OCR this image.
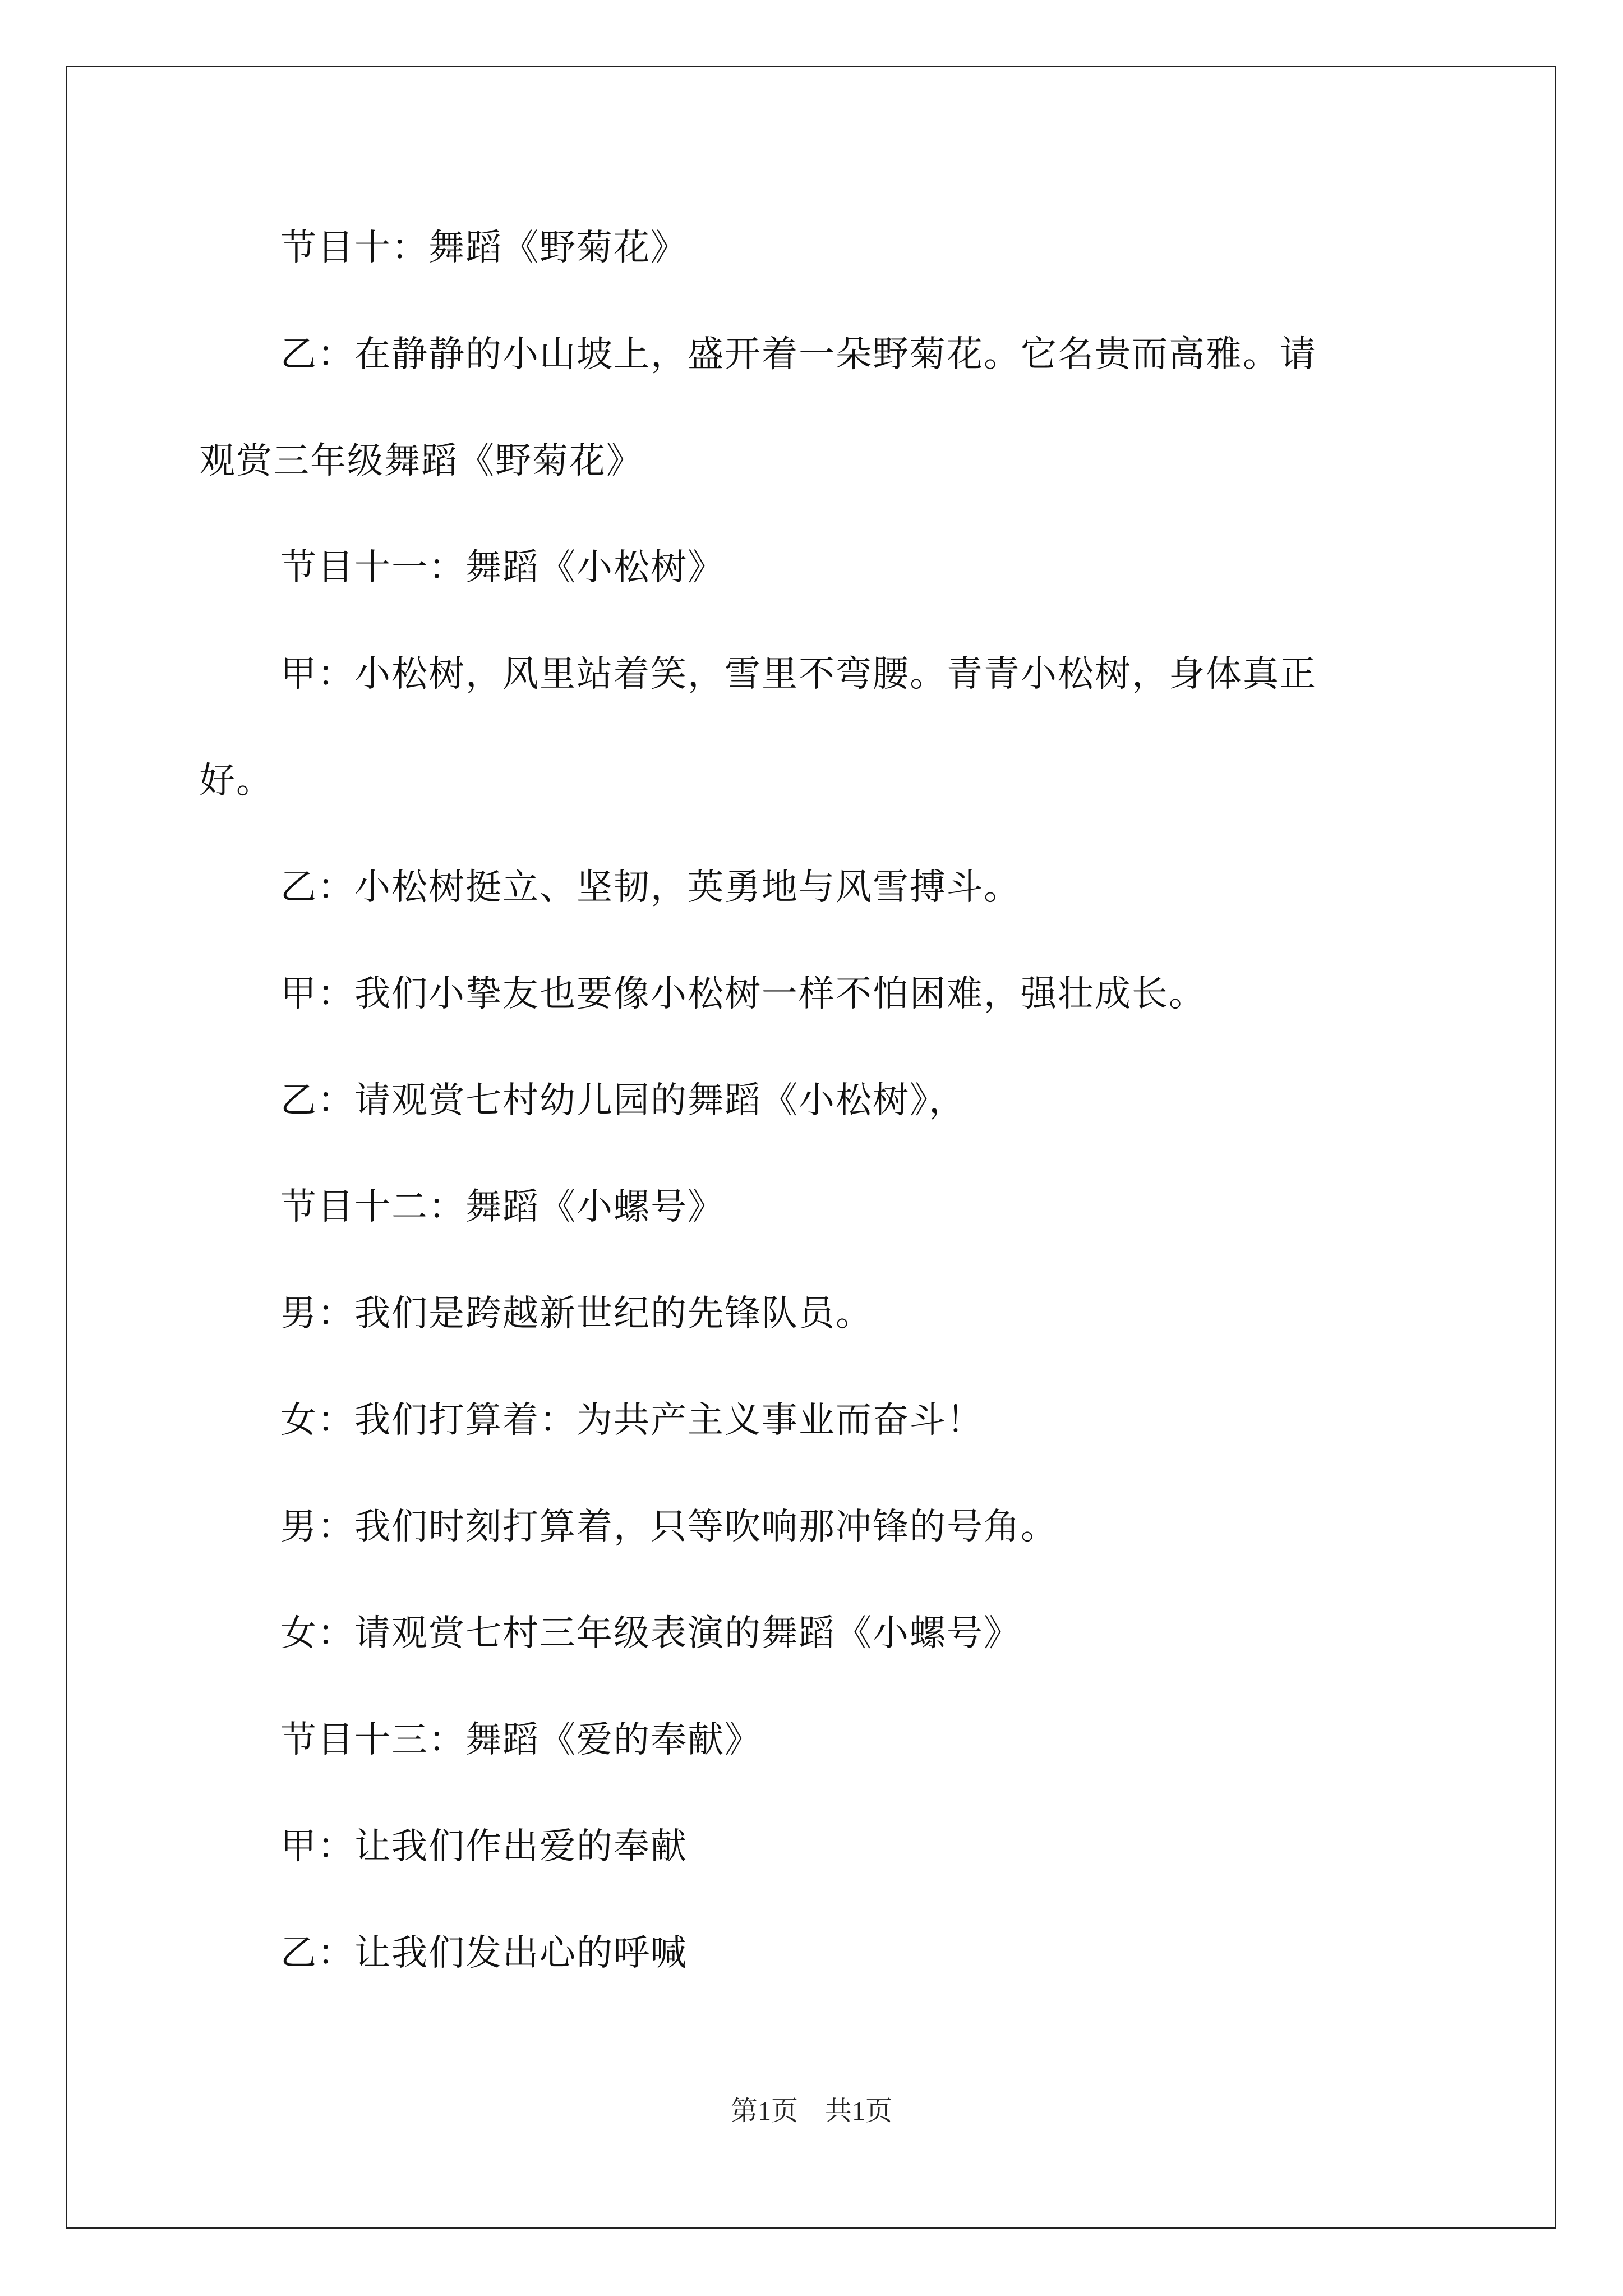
节目十：舞蹈《野菊花》
乙：在静静的小山坡上，盛开着一朵野菊花。它名贵而高雅。请
观赏三年级舞蹈《野菊花》
节目十一：舞蹈《小松树》
甲：小松树，风里站着笑，雪里不弯腰。青青小松树，身体真正
好。
乙：小松树挺立、坚韧，英勇地与风雪搏斗。
甲：我们小挚友也要像小松树一样不怕困难，强壮成长。
乙：请观赏七村幼儿园的舞蹈《小松树》，
节目十二：舞蹈《小螺号》
男：我们是跨越新世纪的先锋队员。
女：我们打算着：为共产主义事业而奋斗！
男：我们时刻打算着，只等吹响那冲锋的号角。
女：请观赏七村三年级表演的舞蹈《小螺号》
节目十三：舞蹈《爱的奉献》
甲：让我们作出爱的奉献
乙：让我们发出心的呼喊
第1页　共1页
